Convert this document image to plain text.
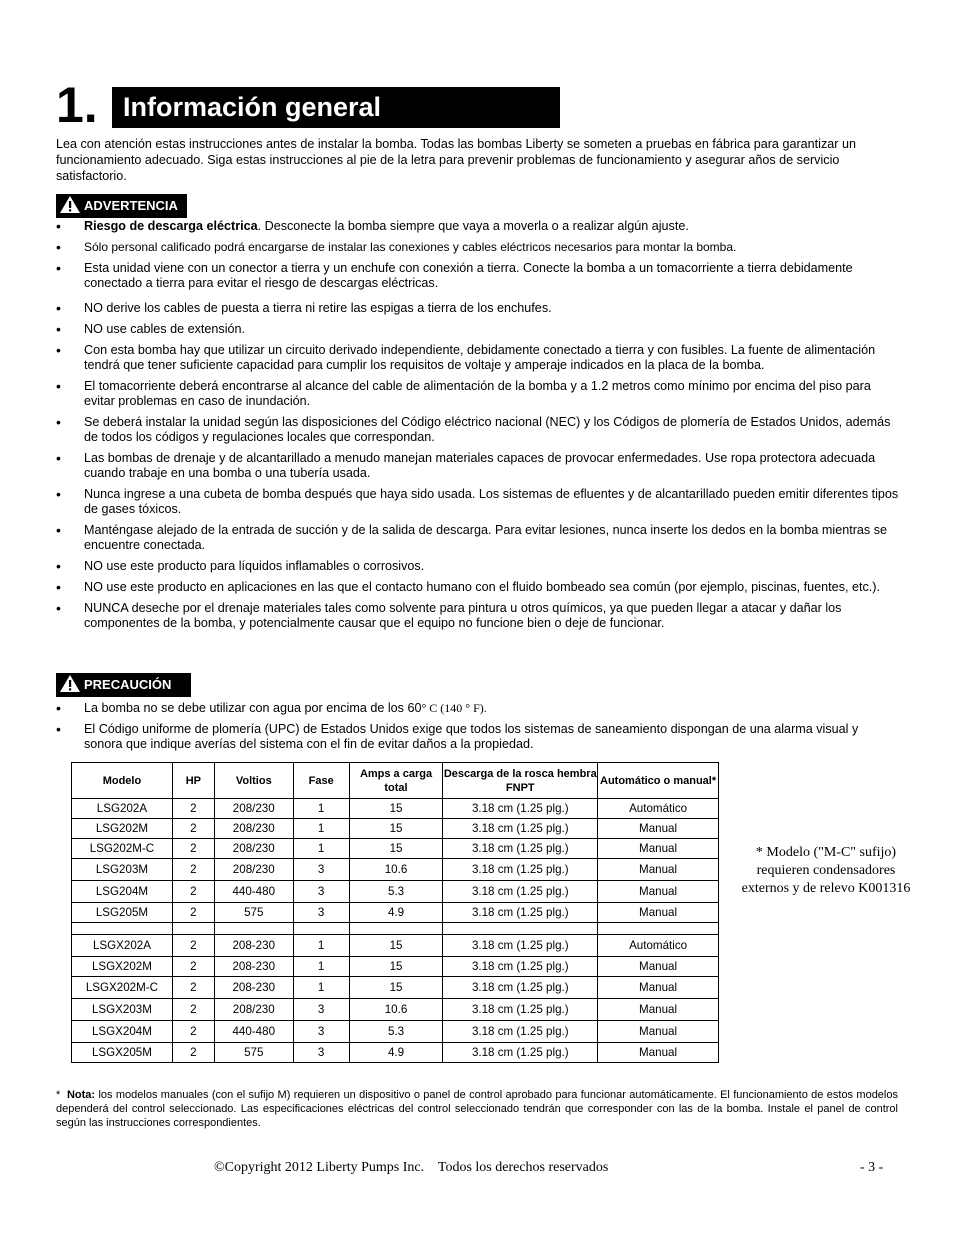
1. Información general

Lea con atención estas instrucciones antes de instalar la bomba. Todas las bombas Liberty se someten a pruebas en fábrica para garantizar un funcionamiento adecuado. Siga estas instrucciones al pie de la letra para prevenir problemas de funcionamiento y asegurar años de servicio satisfactorio.

ADVERTENCIA
• Riesgo de descarga eléctrica. Desconecte la bomba siempre que vaya a moverla o a realizar algún ajuste.
• Sólo personal calificado podrá encargarse de instalar las conexiones y cables eléctricos necesarios para montar la bomba.
• Esta unidad viene con un conector a tierra y un enchufe con conexión a tierra. Conecte la bomba a un tomacorriente a tierra debidamente conectado a tierra para evitar el riesgo de descargas eléctricas.
• NO derive los cables de puesta a tierra ni retire las espigas a tierra de los enchufes.
• NO use cables de extensión.
• Con esta bomba hay que utilizar un circuito derivado independiente, debidamente conectado a tierra y con fusibles. La fuente de alimentación tendrá que tener suficiente capacidad para cumplir los requisitos de voltaje y amperaje indicados en la placa de la bomba.
• El tomacorriente deberá encontrarse al alcance del cable de alimentación de la bomba y a 1.2 metros como mínimo por encima del piso para evitar problemas en caso de inundación.
• Se deberá instalar la unidad según las disposiciones del Código eléctrico nacional (NEC) y los Códigos de plomería de Estados Unidos, además de todos los códigos y regulaciones locales que correspondan.
• Las bombas de drenaje y de alcantarillado a menudo manejan materiales capaces de provocar enfermedades. Use ropa protectora adecuada cuando trabaje en una bomba o una tubería usada.
• Nunca ingrese a una cubeta de bomba después que haya sido usada. Los sistemas de efluentes y de alcantarillado pueden emitir diferentes tipos de gases tóxicos.
• Manténgase alejado de la entrada de succión y de la salida de descarga. Para evitar lesiones, nunca inserte los dedos en la bomba mientras se encuentre conectada.
• NO use este producto para líquidos inflamables o corrosivos.
• NO use este producto en aplicaciones en las que el contacto humano con el fluido bombeado sea común (por ejemplo, piscinas, fuentes, etc.).
• NUNCA deseche por el drenaje materiales tales como solvente para pintura u otros químicos, ya que pueden llegar a atacar y dañar los componentes de la bomba, y potencialmente causar que el equipo no funcione bien o deje de funcionar.
PRECAUCIÓN
• La bomba no se debe utilizar con agua por encima de los 60° C (140 ° F).
• El Código uniforme de plomería (UPC) de Estados Unidos exige que todos los sistemas de saneamiento dispongan de una alarma visual y sonora que indique averías del sistema con el fin de evitar daños a la propiedad.
Modelo	HP	Voltios	Fase	Amps a carga total	Descarga de la rosca hembra FNPT	Automático o manual*
LSG202A	2	208/230	1	15	3.18 cm (1.25 plg.)	Automático
LSG202M	2	208/230	1	15	3.18 cm (1.25 plg.)	Manual
LSG202M-C	2	208/230	1	15	3.18 cm (1.25 plg.)	Manual
LSG203M	2	208/230	3	10.6	3.18 cm (1.25 plg.)	Manual
LSG204M	2	440-480	3	5.3	3.18 cm (1.25 plg.)	Manual
LSG205M	2	575	3	4.9	3.18 cm (1.25 plg.)	Manual

LSGX202A	2	208-230	1	15	3.18 cm (1.25 plg.)	Automático
LSGX202M	2	208-230	1	15	3.18 cm (1.25 plg.)	Manual
LSGX202M-C	2	208-230	1	15	3.18 cm (1.25 plg.)	Manual
LSGX203M	2	208/230	3	10.6	3.18 cm (1.25 plg.)	Manual
LSGX204M	2	440-480	3	5.3	3.18 cm (1.25 plg.)	Manual
LSGX205M	2	575	3	4.9	3.18 cm (1.25 plg.)	Manual
* Modelo ("M-C" sufijo) requieren condensadores externos y de relevo K001316

* Nota: los modelos manuales (con el sufijo M) requieren un dispositivo o panel de control aprobado para funcionar automáticamente. El funcionamiento de estos modelos dependerá del control seleccionado. Las especificaciones eléctricas del control seleccionado tendrán que corresponder con las de la bomba. Instale el panel de control según las instrucciones correspondientes.

©Copyright 2012 Liberty Pumps Inc.    Todos los derechos reservados	- 3 -
